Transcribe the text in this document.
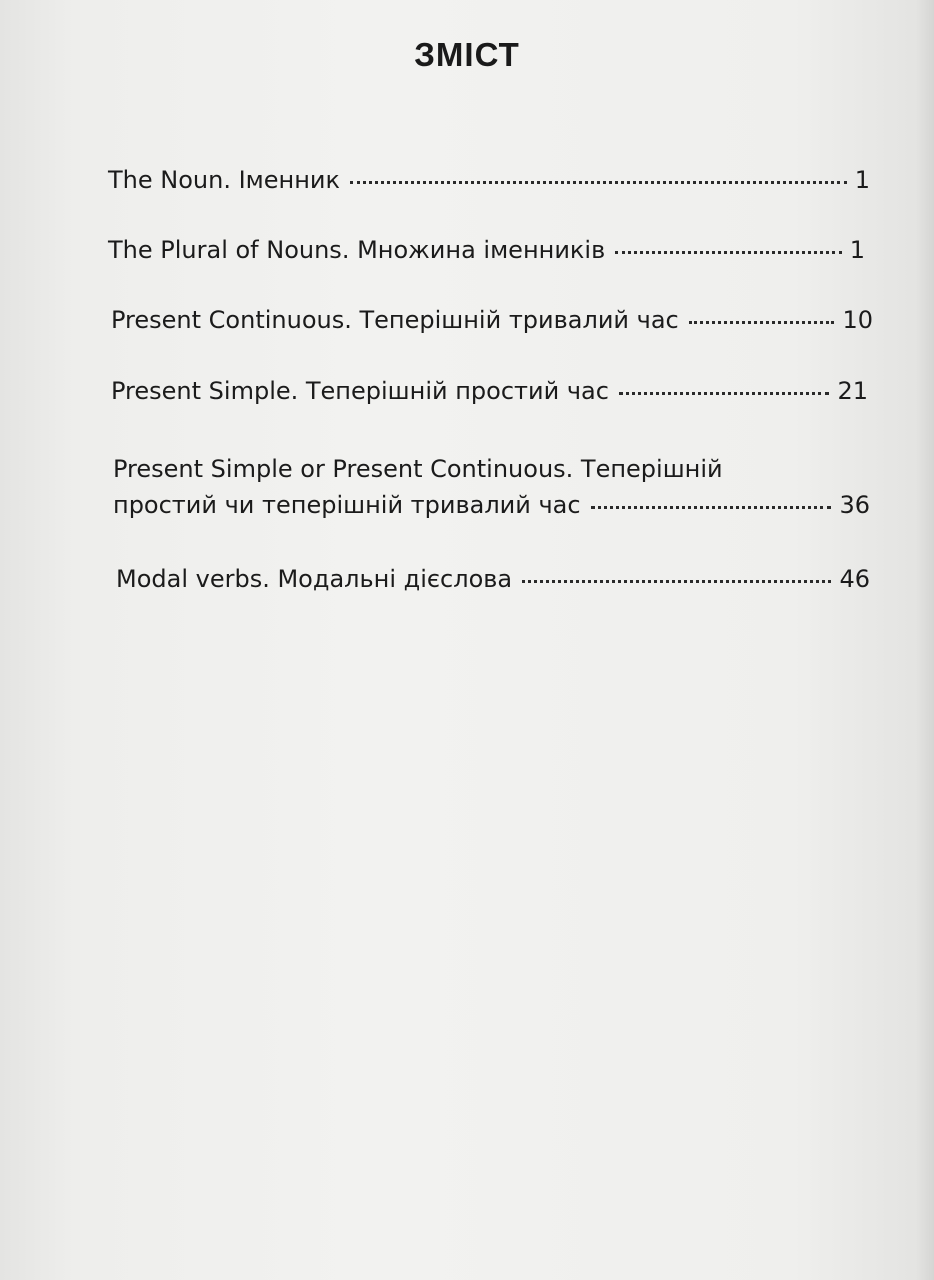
ЗМІСТ
The Noun. Іменник	1
The Plural of Nouns. Множина іменників	1
Present Continuous. Теперішній тривалий час	10
Present Simple. Теперішній простий час	21
Present Simple or Present Continuous. Теперішній
простий чи теперішній тривалий час	36
Modal verbs. Модальні дієслова	46
